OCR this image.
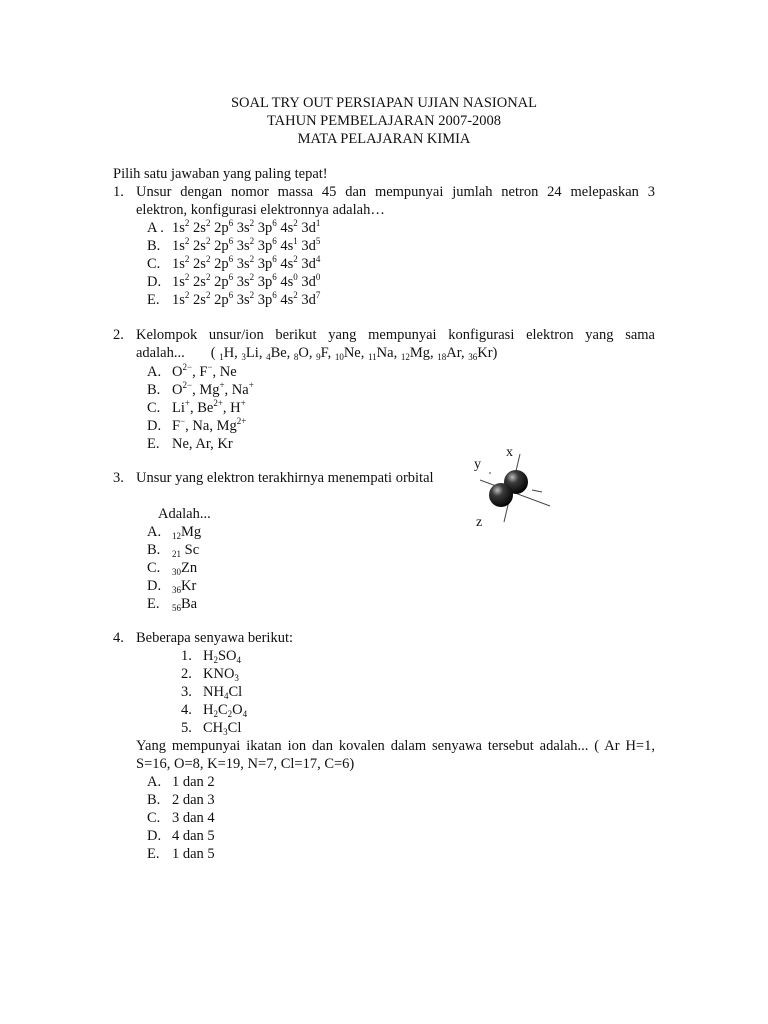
SOAL TRY OUT PERSIAPAN UJIAN NASIONAL
TAHUN PEMBELAJARAN 2007-2008
MATA PELAJARAN KIMIA
Pilih satu jawaban yang paling tepat!
1. Unsur dengan nomor massa 45 dan mempunyai jumlah netron 24 melepaskan 3
elektron, konfigurasi elektronnya adalah…
A . $1s^2$ $2s^2$ $2p^6$ $3s^2$ $3p^6$ $4s^2$ $3d^1$
B. $1s^2$ $2s^2$ $2p^6$ $3s^2$ $3p^6$ $4s^1$ $3d^5$
C. $1s^2$ $2s^2$ $2p^6$ $3s^2$ $3p^6$ $4s^2$ $3d^4$
D. $1s^2$ $2s^2$ $2p^6$ $3s^2$ $3p^6$ $4s^0$ $3d^0$
E. $1s^2$ $2s^2$ $2p^6$ $3s^2$ $3p^6$ $4s^2$ $3d^7$
2. Kelompok unsur/ion berikut yang mempunyai konfigurasi elektron yang sama
adalah... ( $_1$H, $_3$Li, $_4$Be, $_8$O, $_9$F, $_{10}$Ne, $_{11}$Na, $_{12}$Mg, $_{18}$Ar, $_{36}$Kr)
A. $O^{2-}$, F−, Ne
B. $O^{2-}$, Mg+, Na+
C. Li+, $Be^{2+}$, H+
D. F−, Na, $Mg^{2+}$
E. Ne, Ar, Kr
3. Unsur yang elektron terakhirnya menempati orbital
Adalah...
A. $_{12}$Mg
B. $_{21}$ Sc
C. $_{30}$Zn
D. $_{36}$Kr
E. $_{56}$Ba
x
y
z
4. Beberapa senyawa berikut:
1. $H_2SO_4$
2. $KNO_3$
3. $NH_4Cl$
4. $H_2C_2O_4$
5. $CH_3Cl$
Yang mempunyai ikatan ion dan kovalen dalam senyawa tersebut adalah... ( Ar H=1,
S=16, O=8, K=19, N=7, Cl=17, C=6)
A. 1 dan 2
B. 2 dan 3
C. 3 dan 4
D. 4 dan 5
E. 1 dan 5
